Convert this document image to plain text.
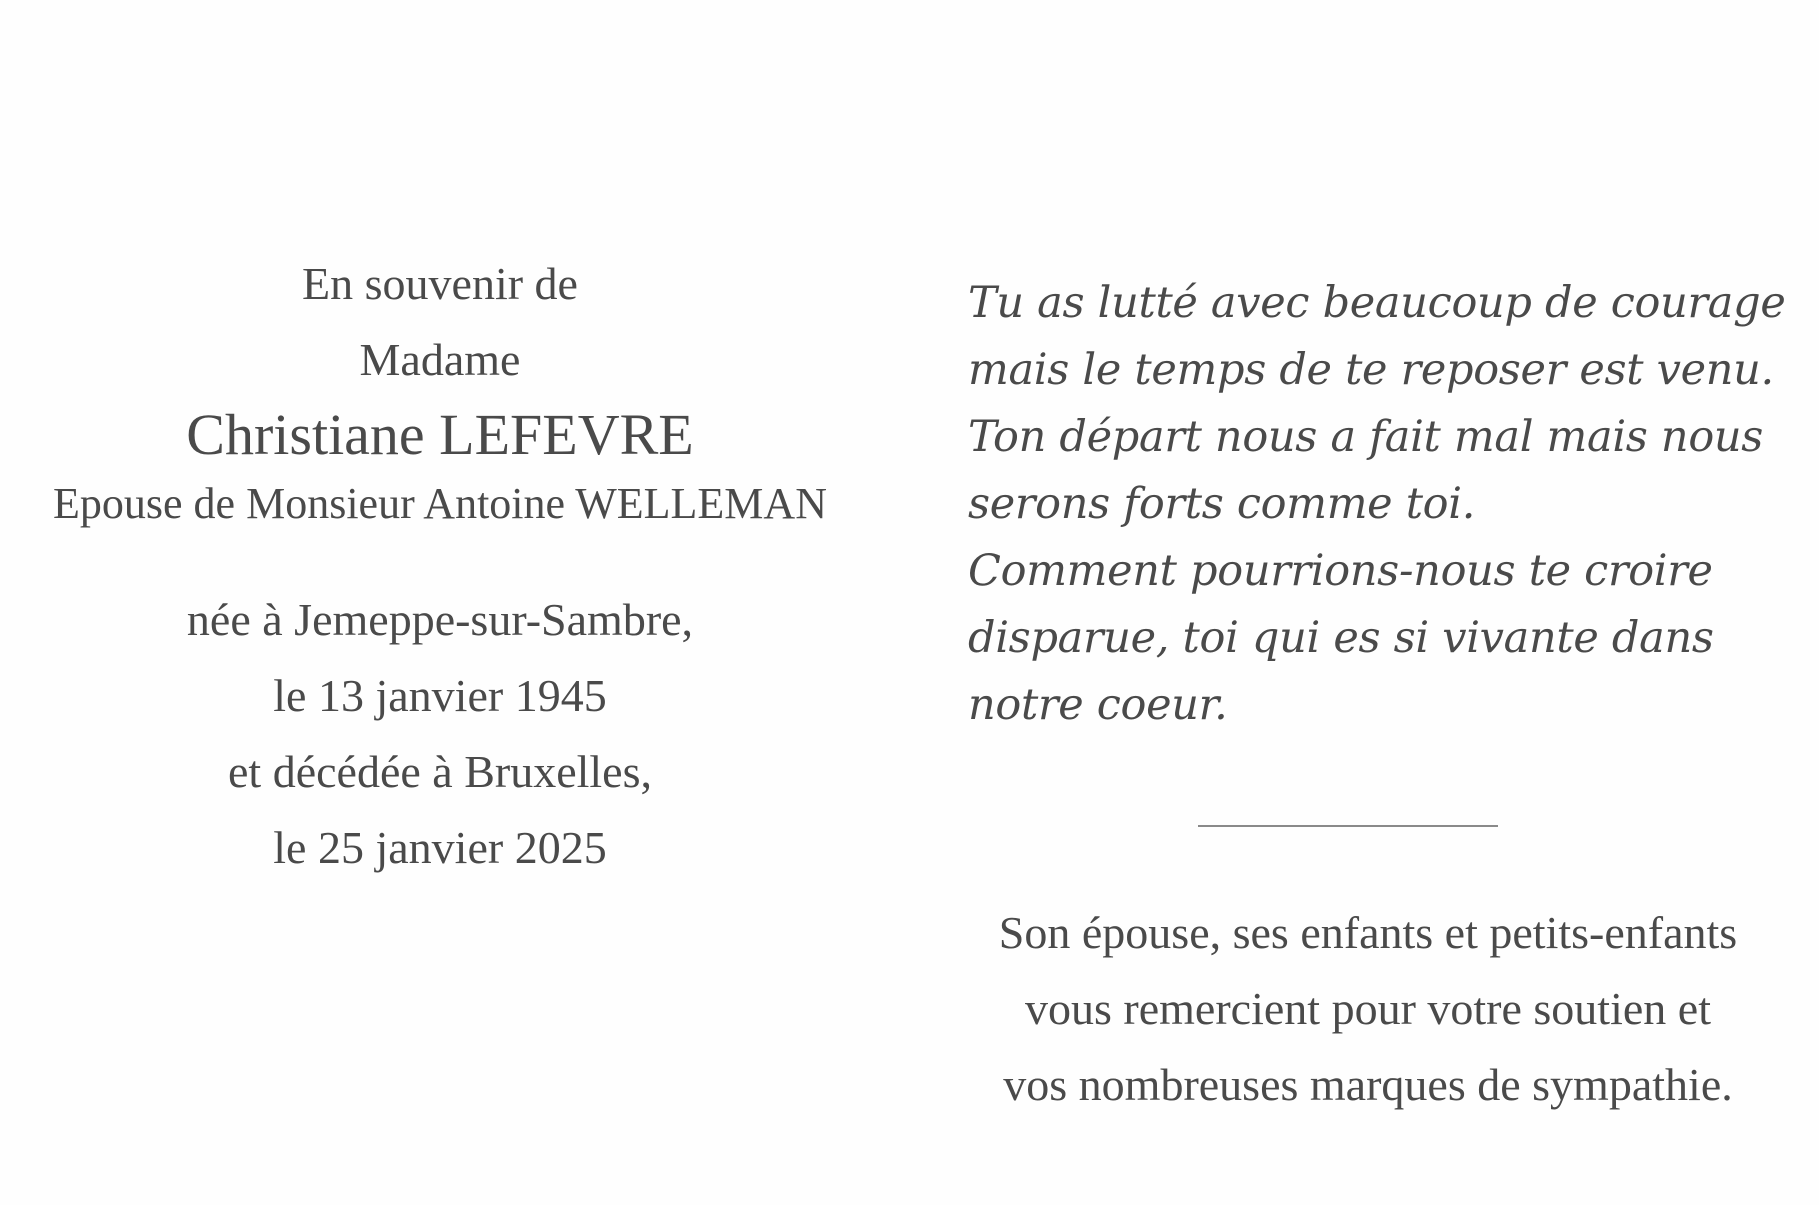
En souvenir de
Madame
Christiane LEFEVRE
Epouse de Monsieur Antoine WELLEMAN
née à Jemeppe-sur-Sambre,
le 13 janvier 1945
et décédée à Bruxelles,
le 25 janvier 2025
Tu as lutté avec beaucoup de courage
mais le temps de te reposer est venu.
Ton départ nous a fait mal mais nous
serons forts comme toi.
Comment pourrions-nous te croire
disparue, toi qui es si vivante dans
notre coeur.
Son épouse, ses enfants et petits-enfants
vous remercient pour votre soutien et
vos nombreuses marques de sympathie.
